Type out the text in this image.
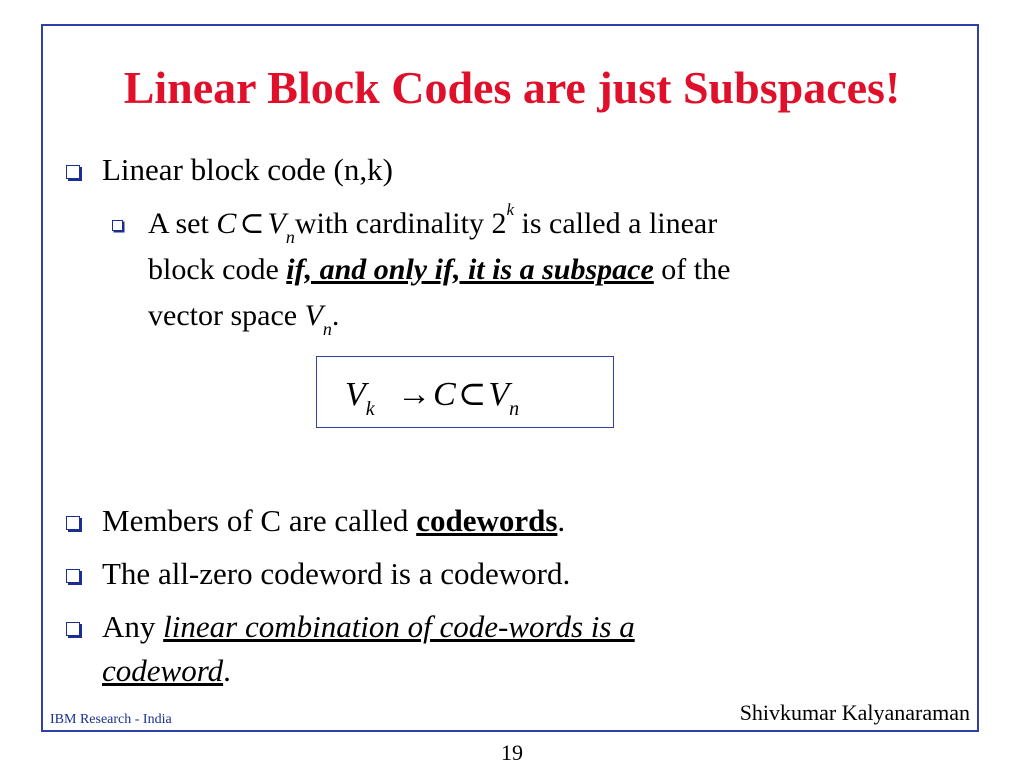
Linear Block Codes are just Subspaces!
Linear block code (n,k)
A set C ⊂ $V_nwith$ cardinality 2$^k$ is called a linear
block code if, and only if, it is a subspace of the
vector space $V_n$.
$V_k$ $\to C\subset V_n$
Members of C are called codewords.
The all-zero codeword is a codeword.
Any linear combination of code-words is a
codeword.
IBM Research - India	Shivkumar Kalyanaraman
19
